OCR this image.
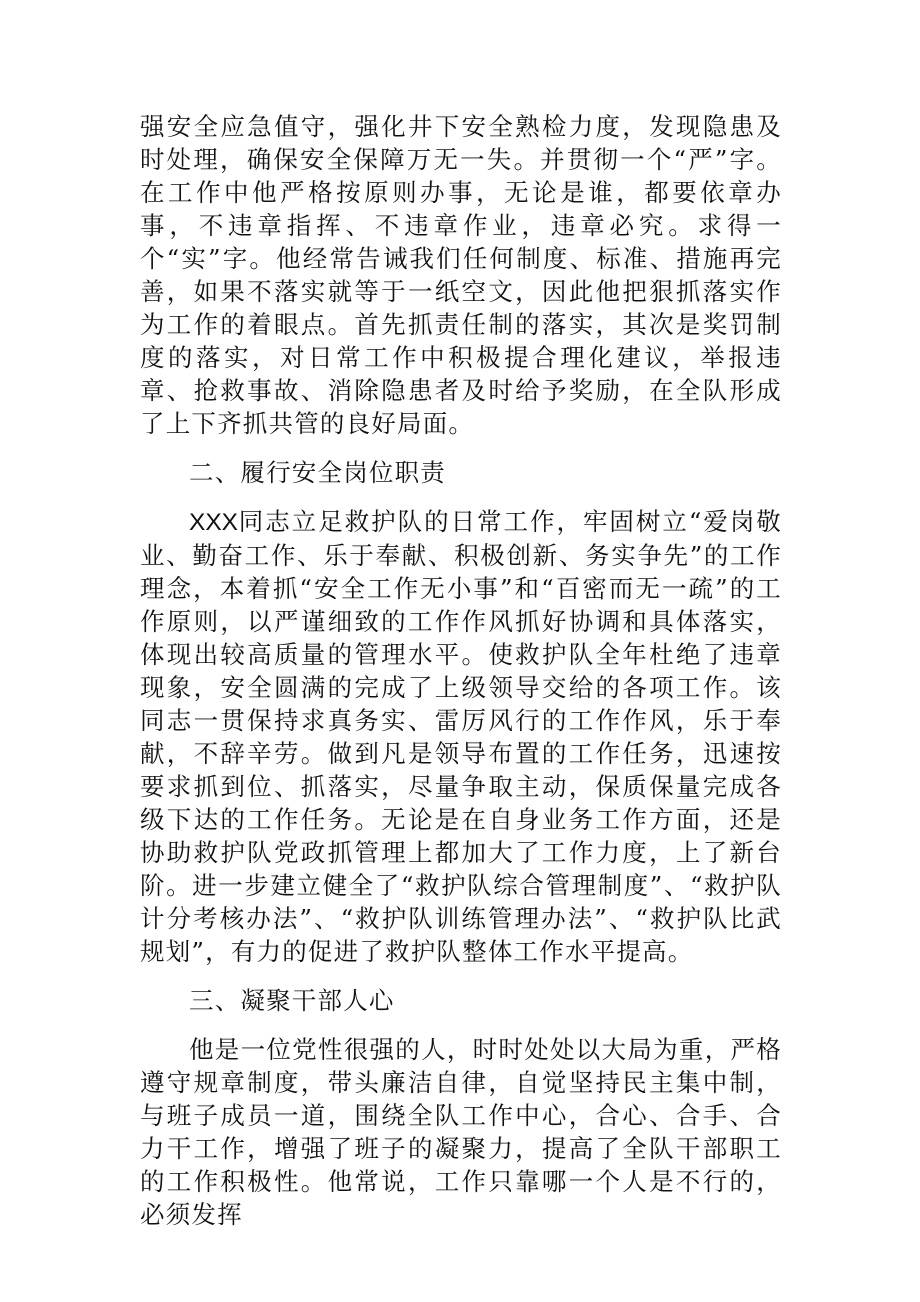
强安全应急值守，强化井下安全熟检力度，发现隐患及时处理，确保安全保障万无一失。并贯彻一个“严”字。在工作中他严格按原则办事，无论是谁，都要依章办事，不违章指挥、不违章作业，违章必究。求得一个“实”字。他经常告诫我们任何制度、标准、措施再完善，如果不落实就等于一纸空文，因此他把狠抓落实作为工作的着眼点。首先抓责任制的落实，其次是奖罚制度的落实，对日常工作中积极提合理化建议，举报违章、抢救事故、消除隐患者及时给予奖励，在全队形成了上下齐抓共管的良好局面。

二、履行安全岗位职责

XXX同志立足救护队的日常工作，牢固树立“爱岗敬业、勤奋工作、乐于奉献、积极创新、务实争先”的工作理念，本着抓“安全工作无小事”和“百密而无一疏”的工作原则，以严谨细致的工作作风抓好协调和具体落实，体现出较高质量的管理水平。使救护队全年杜绝了违章现象，安全圆满的完成了上级领导交给的各项工作。该同志一贯保持求真务实、雷厉风行的工作作风，乐于奉献，不辞辛劳。做到凡是领导布置的工作任务，迅速按要求抓到位、抓落实，尽量争取主动，保质保量完成各级下达的工作任务。无论是在自身业务工作方面，还是协助救护队党政抓管理上都加大了工作力度，上了新台阶。进一步建立健全了“救护队综合管理制度”、“救护队计分考核办法”、“救护队训练管理办法”、“救护队比武规划”，有力的促进了救护队整体工作水平提高。

三、凝聚干部人心

他是一位党性很强的人，时时处处以大局为重，严格遵守规章制度，带头廉洁自律，自觉坚持民主集中制，与班子成员一道，围绕全队工作中心，合心、合手、合力干工作，增强了班子的凝聚力，提高了全队干部职工的工作积极性。他常说，工作只靠哪一个人是不行的，必须发挥
